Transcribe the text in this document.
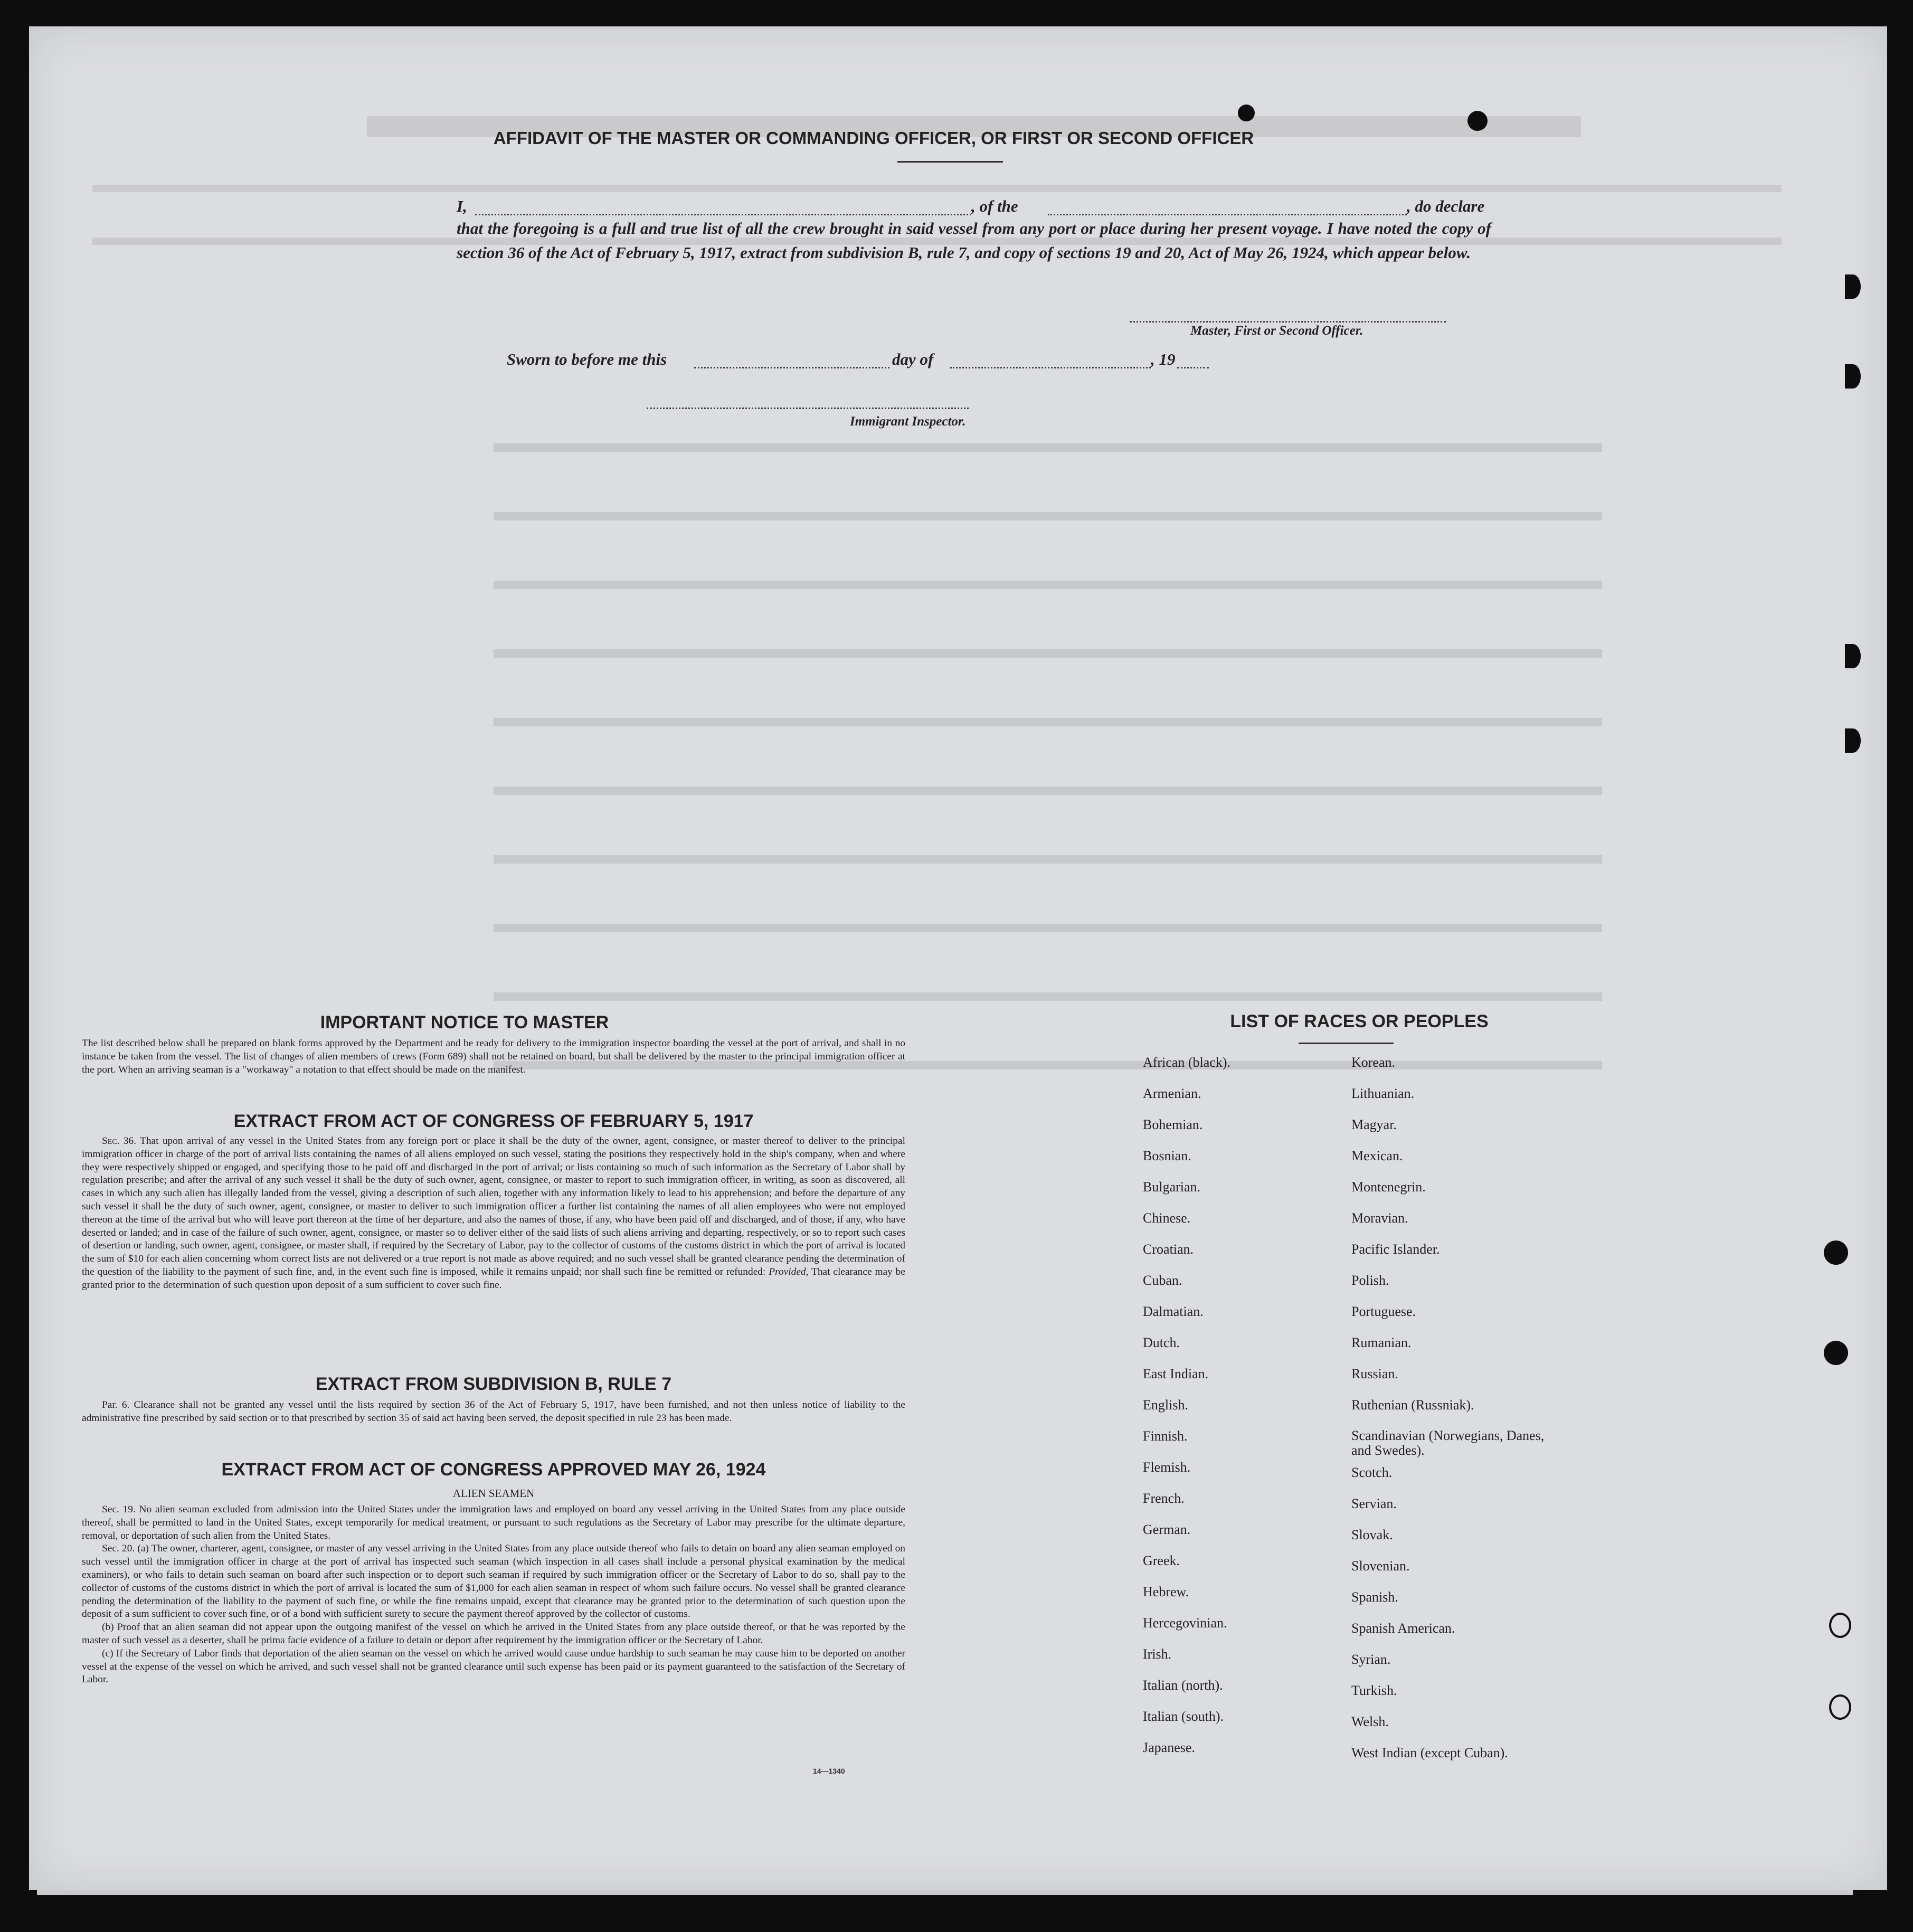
AFFIDAVIT OF THE MASTER OR COMMANDING OFFICER, OR FIRST OR SECOND OFFICER
I,	, of the	, do declare
that the foregoing is a full and true list of all the crew brought in said vessel from any port or place during her present voyage. I have noted the copy of section 36 of the Act of February 5, 1917, extract from subdivision B, rule 7, and copy of sections 19 and 20, Act of May 26, 1924, which appear below.
Master, First or Second Officer.
Sworn to before me this	day of	, 19
Immigrant Inspector.
IMPORTANT NOTICE TO MASTER
The list described below shall be prepared on blank forms approved by the Department and be ready for delivery to the immigration inspector boarding the vessel at the port of arrival, and shall in no instance be taken from the vessel. The list of changes of alien members of crews (Form 689) shall not be retained on board, but shall be delivered by the master to the principal immigration officer at the port. When an arriving seaman is a "workaway" a notation to that effect should be made on the manifest.
EXTRACT FROM ACT OF CONGRESS OF FEBRUARY 5, 1917
Sec. 36. That upon arrival of any vessel in the United States from any foreign port or place it shall be the duty of the owner, agent, consignee, or master thereof to deliver to the principal immigration officer in charge of the port of arrival lists containing the names of all aliens employed on such vessel, stating the positions they respectively hold in the ship's company, when and where they were respectively shipped or engaged, and specifying those to be paid off and discharged in the port of arrival; or lists containing so much of such information as the Secretary of Labor shall by regulation prescribe; and after the arrival of any such vessel it shall be the duty of such owner, agent, consignee, or master to report to such immigration officer, in writing, as soon as discovered, all cases in which any such alien has illegally landed from the vessel, giving a description of such alien, together with any information likely to lead to his apprehension; and before the departure of any such vessel it shall be the duty of such owner, agent, consignee, or master to deliver to such immigration officer a further list containing the names of all alien employees who were not employed thereon at the time of the arrival but who will leave port thereon at the time of her departure, and also the names of those, if any, who have been paid off and discharged, and of those, if any, who have deserted or landed; and in case of the failure of such owner, agent, consignee, or master so to deliver either of the said lists of such aliens arriving and departing, respectively, or so to report such cases of desertion or landing, such owner, agent, consignee, or master shall, if required by the Secretary of Labor, pay to the collector of customs of the customs district in which the port of arrival is located the sum of $10 for each alien concerning whom correct lists are not delivered or a true report is not made as above required; and no such vessel shall be granted clearance pending the determination of the question of the liability to the payment of such fine, and, in the event such fine is imposed, while it remains unpaid; nor shall such fine be remitted or refunded: Provided, That clearance may be granted prior to the determination of such question upon deposit of a sum sufficient to cover such fine.
EXTRACT FROM SUBDIVISION B, RULE 7
Par. 6. Clearance shall not be granted any vessel until the lists required by section 36 of the Act of February 5, 1917, have been furnished, and not then unless notice of liability to the administrative fine prescribed by said section or to that prescribed by section 35 of said act having been served, the deposit specified in rule 23 has been made.
EXTRACT FROM ACT OF CONGRESS APPROVED MAY 26, 1924
ALIEN SEAMEN
Sec. 19. No alien seaman excluded from admission into the United States under the immigration laws and employed on board any vessel arriving in the United States from any place outside thereof, shall be permitted to land in the United States, except temporarily for medical treatment, or pursuant to such regulations as the Secretary of Labor may prescribe for the ultimate departure, removal, or deportation of such alien from the United States.
Sec. 20. (a) The owner, charterer, agent, consignee, or master of any vessel arriving in the United States from any place outside thereof who fails to detain on board any alien seaman employed on such vessel until the immigration officer in charge at the port of arrival has inspected such seaman (which inspection in all cases shall include a personal physical examination by the medical examiners), or who fails to detain such seaman on board after such inspection or to deport such seaman if required by such immigration officer or the Secretary of Labor to do so, shall pay to the collector of customs of the customs district in which the port of arrival is located the sum of $1,000 for each alien seaman in respect of whom such failure occurs. No vessel shall be granted clearance pending the determination of the liability to the payment of such fine, or while the fine remains unpaid, except that clearance may be granted prior to the determination of such question upon the deposit of a sum sufficient to cover such fine, or of a bond with sufficient surety to secure the payment thereof approved by the collector of customs.
(b) Proof that an alien seaman did not appear upon the outgoing manifest of the vessel on which he arrived in the United States from any place outside thereof, or that he was reported by the master of such vessel as a deserter, shall be prima facie evidence of a failure to detain or deport after requirement by the immigration officer or the Secretary of Labor.
(c) If the Secretary of Labor finds that deportation of the alien seaman on the vessel on which he arrived would cause undue hardship to such seaman he may cause him to be deported on another vessel at the expense of the vessel on which he arrived, and such vessel shall not be granted clearance until such expense has been paid or its payment guaranteed to the satisfaction of the Secretary of Labor.
14—1340
LIST OF RACES OR PEOPLES
African (black).
Armenian.
Bohemian.
Bosnian.
Bulgarian.
Chinese.
Croatian.
Cuban.
Dalmatian.
Dutch.
East Indian.
English.
Finnish.
Flemish.
French.
German.
Greek.
Hebrew.
Hercegovinian.
Irish.
Italian (north).
Italian (south).
Japanese.
Korean.
Lithuanian.
Magyar.
Mexican.
Montenegrin.
Moravian.
Pacific Islander.
Polish.
Portuguese.
Rumanian.
Russian.
Ruthenian (Russniak).
Scandinavian (Norwegians, Danes, and Swedes).
Scotch.
Servian.
Slovak.
Slovenian.
Spanish.
Spanish American.
Syrian.
Turkish.
Welsh.
West Indian (except Cuban).
